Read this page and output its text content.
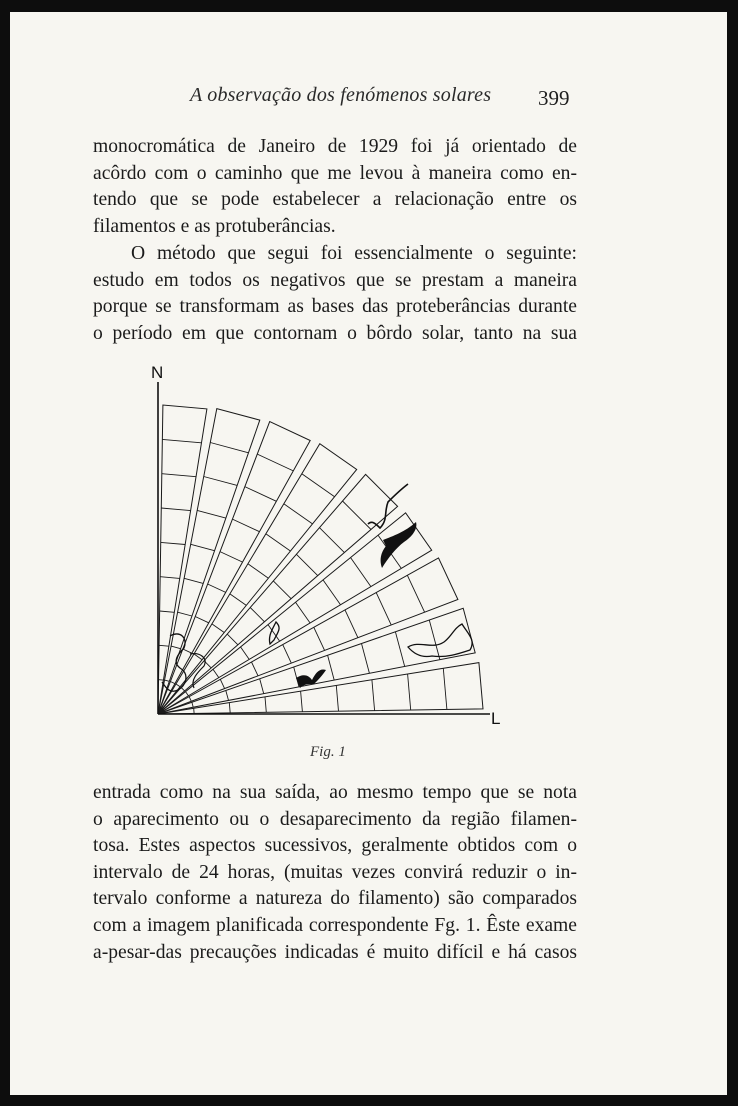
A observação dos fenómenos solares 399

monocromática de Janeiro de 1929 foi já orientado de
acôrdo com o caminho que me levou à maneira como en-
tendo que se pode estabelecer a relacionação entre os
filamentos e as protuberâncias.

O método que segui foi essencialmente o seguinte:
estudo em todos os negativos que se prestam a maneira
porque se transformam as bases das proteberâncias durante
o período em que contornam o bôrdo solar, tanto na sua

N
L
Fig. 1

entrada como na sua saída, ao mesmo tempo que se nota
o aparecimento ou o desaparecimento da região filamen-
tosa. Estes aspectos sucessivos, geralmente obtidos com o
intervalo de 24 horas, (muitas vezes convirá reduzir o in-
tervalo conforme a natureza do filamento) são comparados
com a imagem planificada correspondente Fg. 1. Êste exame
a-pesar-das precauções indicadas é muito difícil e há casos
